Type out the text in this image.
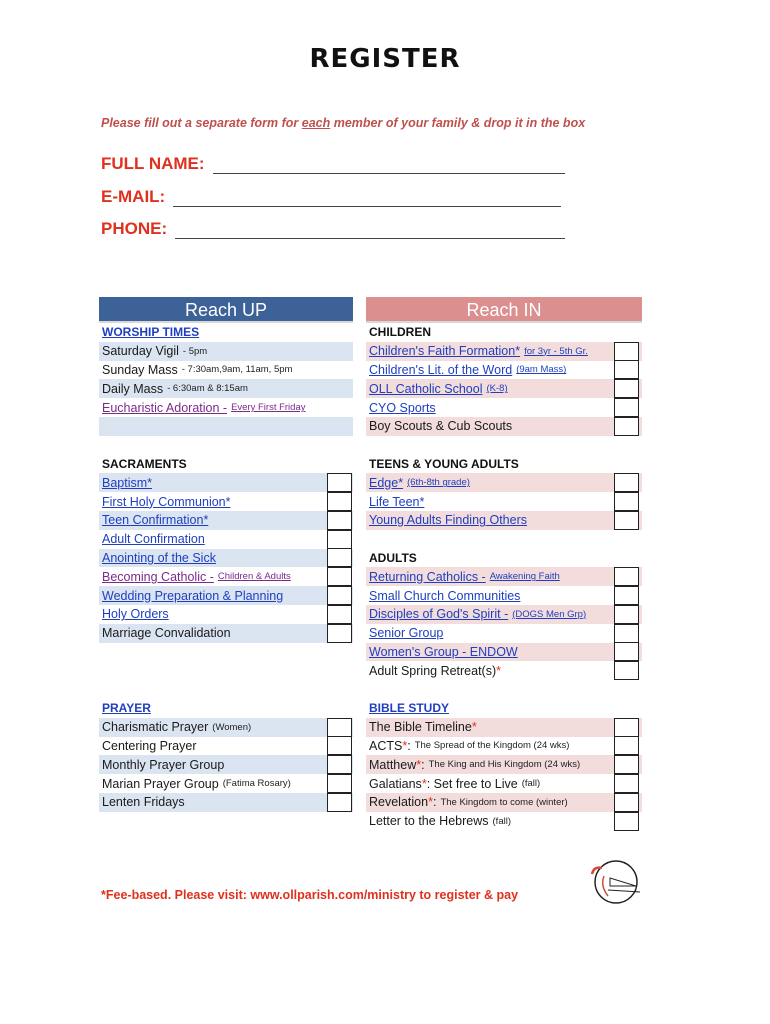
REGISTER
Please fill out a separate form for each member of your family & drop it in the box
FULL NAME:
E-MAIL:
PHONE:
Reach UP
WORSHIP TIMES
Saturday Vigil - 5pm
Sunday Mass - 7:30am,9am, 11am, 5pm
Daily Mass - 6:30am & 8:15am
Eucharistic Adoration - Every First Friday
SACRAMENTS
Baptism*
First Holy Communion*
Teen Confirmation*
Adult Confirmation
Anointing of the Sick
Becoming Catholic - Children & Adults
Wedding Preparation & Planning
Holy Orders
Marriage Convalidation
PRAYER
Charismatic Prayer (Women)
Centering Prayer
Monthly Prayer Group
Marian Prayer Group (Fatima Rosary)
Lenten Fridays
Reach IN
CHILDREN
Children's Faith Formation* for 3yr - 5th Gr.
Children's Lit. of the Word (9am Mass)
OLL Catholic School (K-8)
CYO Sports
Boy Scouts & Cub Scouts
TEENS & YOUNG ADULTS
Edge* (6th-8th grade)
Life Teen*
Young Adults Finding Others
ADULTS
Returning Catholics - Awakening Faith
Small Church Communities
Disciples of God's Spirit - (DOGS Men Grp)
Senior Group
Women's Group - ENDOW
Adult Spring Retreat(s) *
BIBLE STUDY
The Bible Timeline *
ACTS * : The Spread of the Kingdom (24 wks)
Matthew * : The King and His Kingdom (24 wks)
Galatians * : Set free to Live (fall)
Revelation * : The Kingdom to come (winter)
Letter to the Hebrews (fall)
*Fee-based. Please visit: www.ollparish.com/ministry to register & pay
